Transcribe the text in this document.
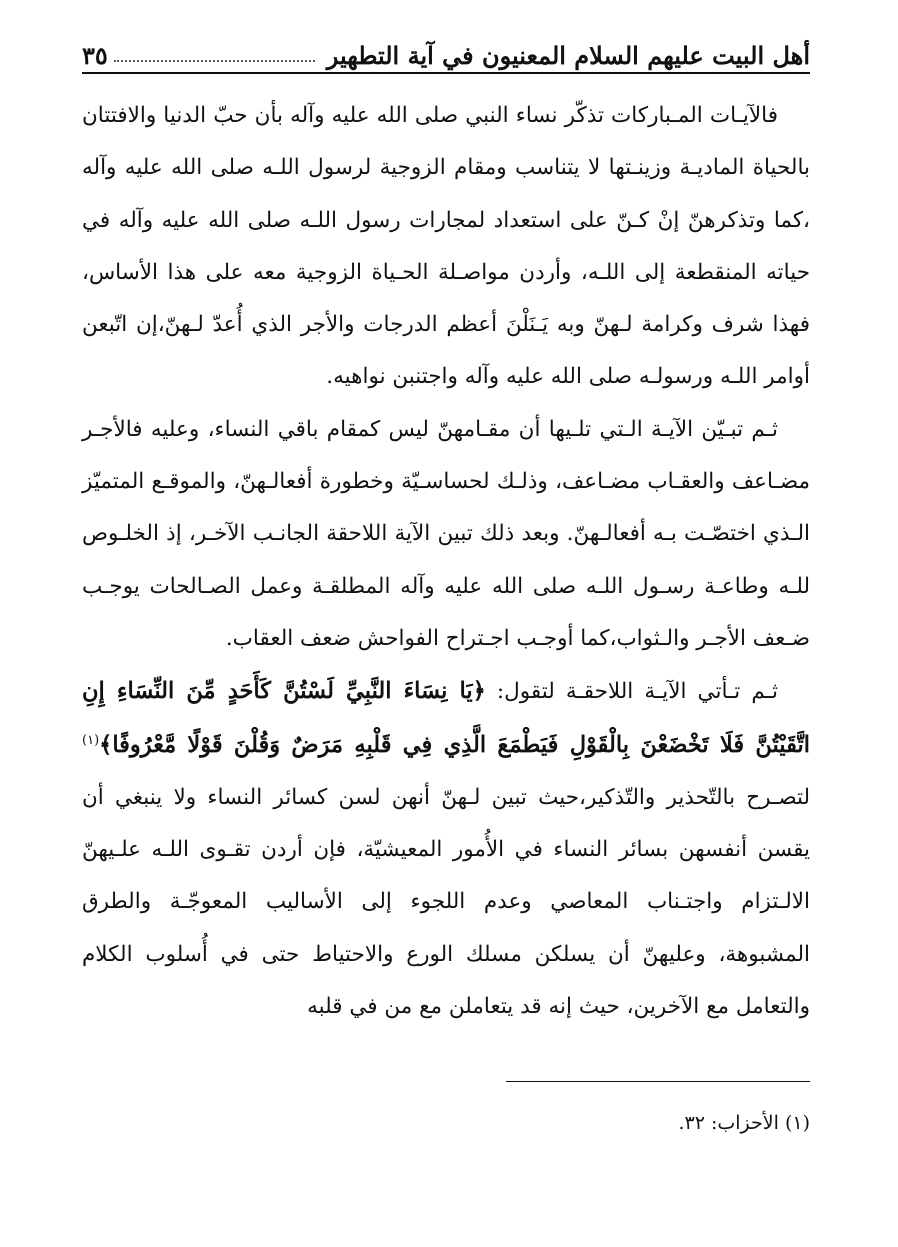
أهل البيت عليهم السلام المعنيون في آية التطهير
٣٥

فالآيـات المـباركات تذكّر نساء النبي صلى الله عليه وآله بأن حبّ الدنيا والافتتان بالحياة الماديـة وزينـتها لا يتناسب ومقام الزوجية لرسول اللـه صلى الله عليه وآله ،كما وتذكرهنّ إنْ كـنّ على استعداد لمجارات رسول اللـه صلى الله عليه وآله في حياته المنقطعة إلى اللـه، وأردن مواصـلة الحـياة الزوجية معه على هذا الأساس، فهذا شرف وكرامة لـهنّ وبه يَـنَلْنَ أعظم الدرجات والأجر الذي أُعدّ لـهنّ،إن اتّبعن أوامر اللـه ورسولـه صلى الله عليه وآله واجتنبن نواهيه.

ثـم تبـيّن الآيـة الـتي تلـيها أن مقـامهنّ ليس كمقام باقي النساء، وعليه فالأجـر مضـاعف والعقـاب مضـاعف، وذلـك لحساسـيّة وخطورة أفعالـهنّ، والموقـع المتميّز الـذي اختصّـت بـه أفعالـهنّ. وبعد ذلك تبين الآية اللاحقة الجانـب الآخـر، إذ الخلـوص للـه وطاعـة رسـول اللـه صلى الله عليه وآله المطلقـة وعمل الصـالحات يوجـب ضـعف الأجـر والـثواب،كما أوجـب اجـتراح الفواحش ضعف العقاب.

ثـم تـأتي الآيـة اللاحقـة لتقول: ﴿يَا نِسَاءَ النَّبِيِّ لَسْتُنَّ كَأَحَدٍ مِّنَ النِّسَاءِ إِنِ اتَّقَيْتُنَّ فَلَا تَخْضَعْنَ بِالْقَوْلِ فَيَطْمَعَ الَّذِي فِي قَلْبِهِ مَرَضٌ وَقُلْنَ قَوْلًا مَّعْرُوفًا﴾$^{(١)}$ لتصـرح بالتّحذير والتّذكير،حيث تبين لـهنّ أنهن لسن كسائر النساء ولا ينبغي أن يقسن أنفسهن بسائر النساء في الأُمور المعيشيّة، فإن أردن تقـوى اللـه علـيهنّ الالـتزام واجتـناب المعاصي وعدم اللجوء إلى الأساليب المعوجّـة والطرق المشبوهة، وعليهنّ أن يسلكن مسلك الورع والاحتياط حتى في أُسلوب الكلام والتعامل مع الآخرين، حيث إنه قد يتعاملن مع من في قلبه

(١) الأحزاب: ٣٢.
